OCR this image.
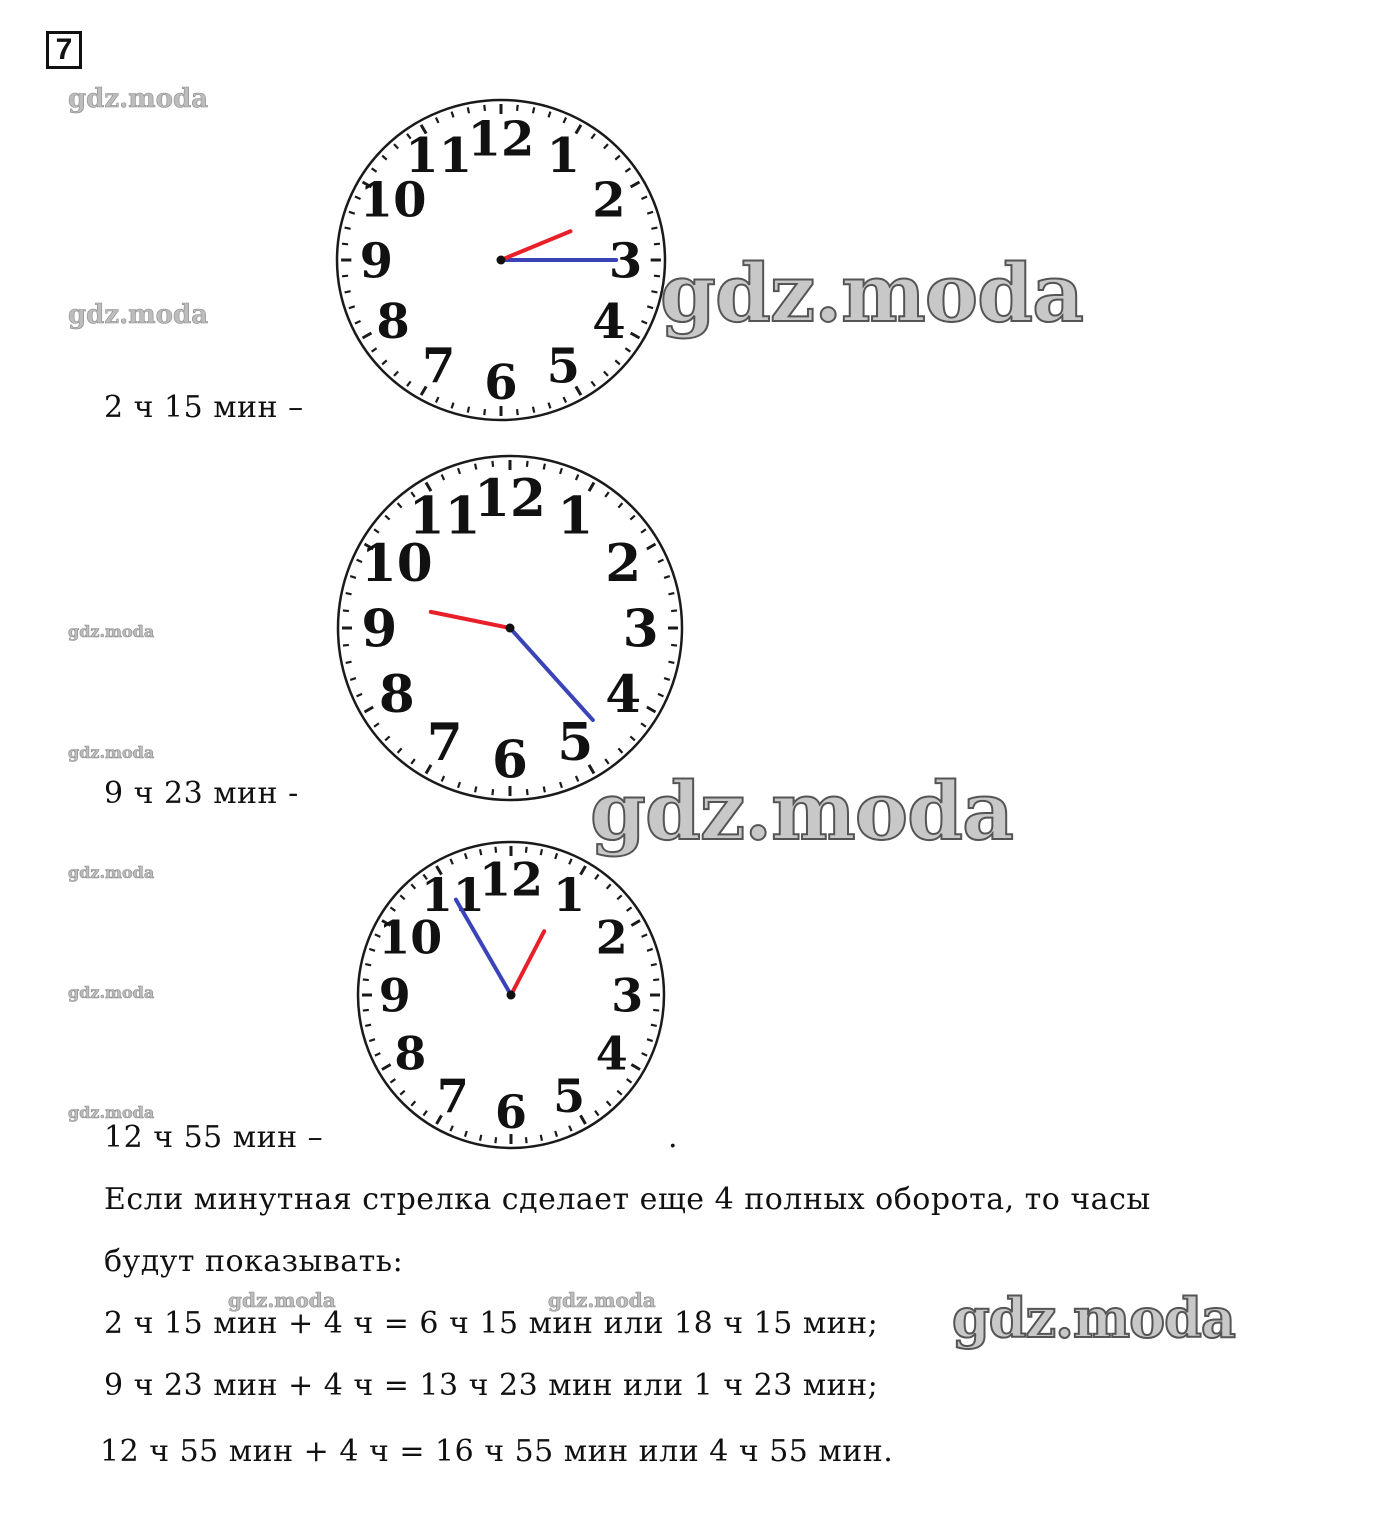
7
gdz.moda
gdz.moda
gdz.moda
gdz.moda
gdz.moda
gdz.moda
gdz.moda
gdz.moda	gdz.moda
12 1
2
3
4
5
6
7
8
9
10
11
2 ч 15 мин –
12 1
2
3
4
5
6
7
8
9
10
11
9 ч 23 мин -
12 1
2
3
4
5
6
7
8
9
10
11
12 ч 55 мин –	.
gdz.moda
gdz.moda
gdz.moda
Если минутная стрелка сделает еще 4 полных оборота, то часы
будут показывать:
2 ч 15 мин + 4 ч = 6 ч 15 мин или 18 ч 15 мин;
9 ч 23 мин + 4 ч = 13 ч 23 мин или 1 ч 23 мин;
12 ч 55 мин + 4 ч = 16 ч 55 мин или 4 ч 55 мин.
